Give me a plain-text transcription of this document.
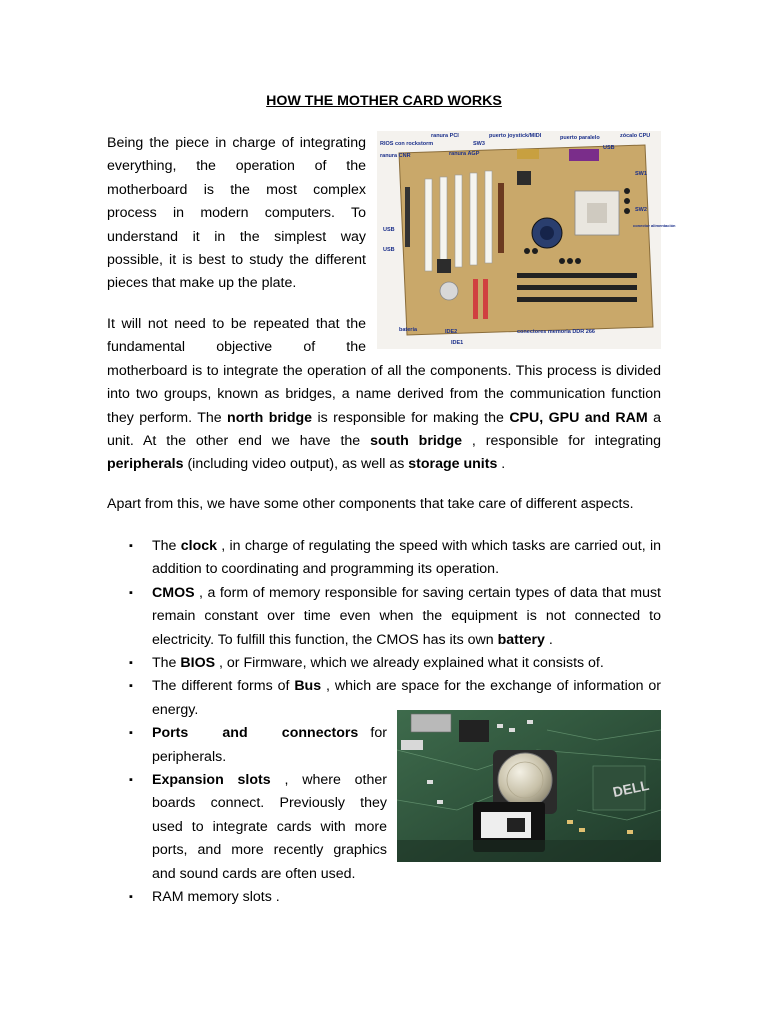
HOW THE MOTHER CARD WORKS
Being the piece in charge of integrating everything, the operation of the motherboard is the most complex process in modern computers. To understand it in the simplest way possible, it is best to study the different pieces that make up the plate.
ranura PCI	puerto joystick/MIDI	puerto paralelo	zócalo CPU
RIOS con rockstorm	SW3
ranura CNR	ranura AGP
USB
SW1
SW2
USB
USB
batería	IDE2
IDE1
conectores memoria DDR 266
conector alimentación
It will not need to be repeated that the fundamental objective of the
motherboard is to integrate the operation of all the components. This process is divided into two groups, known as bridges, a name derived from the communication function they perform. The north bridge is responsible for making the CPU, GPU and RAM a unit. At the other end we have the south bridge , responsible for integrating peripherals (including video output), as well as storage units .
Apart from this, we have some other components that take care of different aspects.
▪ The clock , in charge of regulating the speed with which tasks are carried out, in addition to coordinating and programming its operation.
▪ CMOS , a form of memory responsible for saving certain types of data that must remain constant over time even when the equipment is not connected to electricity. To fulfill this function, the CMOS has its own battery .
▪ The BIOS , or Firmware, which we already explained what it consists of.
▪ The different forms of Bus , which are space for the exchange of information or energy.
▪ Ports and connectors for peripherals.
▪ Expansion slots , where other boards connect. Previously they used to integrate cards with more ports, and more recently graphics and sound cards are often used.
▪ RAM memory slots .
DELL
